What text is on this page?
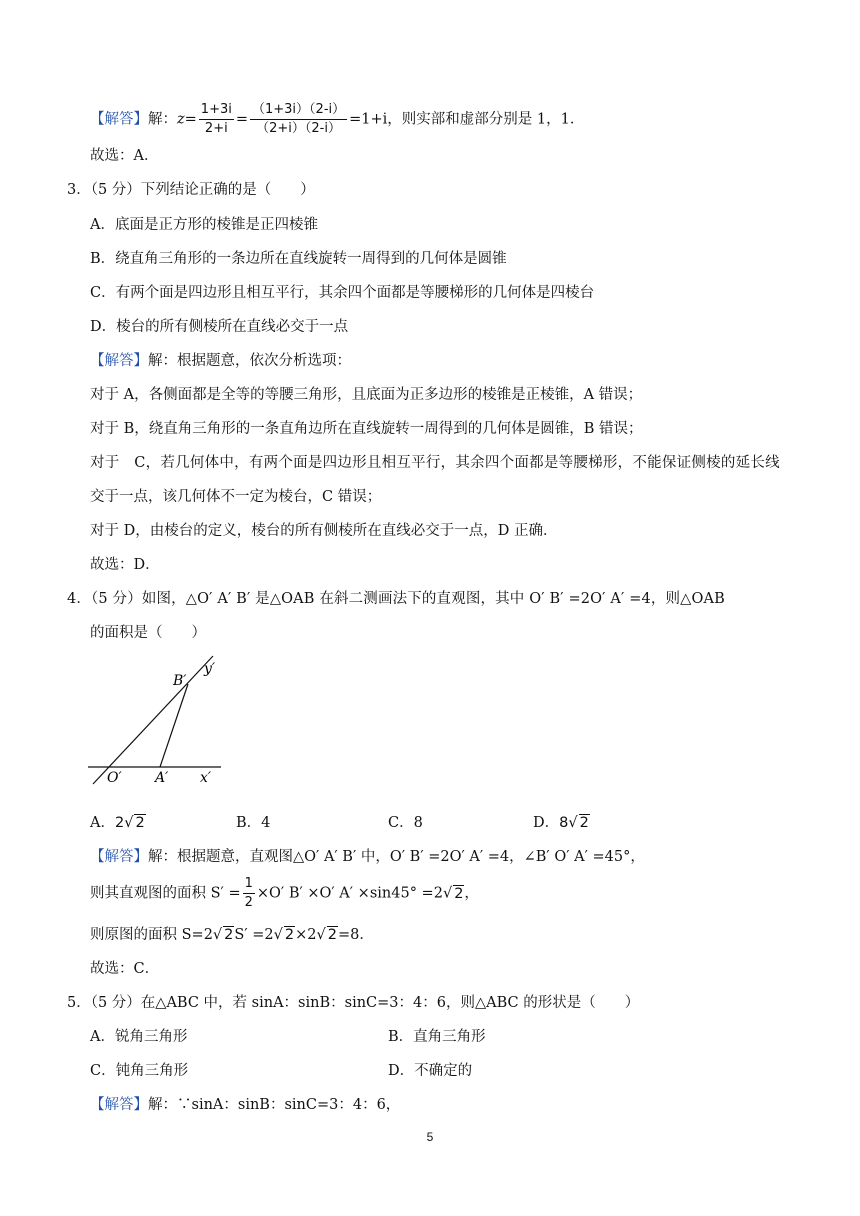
【解答】解：$z= \frac{1+3i}{2+i} = \frac{(1+3i)(2-i)}{(2+i)(2-i)} =1+i$，则实部和虚部分别是 1，1．
故选：A．
3．（5 分）下列结论正确的是（　　）
A．底面是正方形的棱锥是正四棱锥
B．绕直角三角形的一条边所在直线旋转一周得到的几何体是圆锥
C．有两个面是四边形且相互平行，其余四个面都是等腰梯形的几何体是四棱台
D．棱台的所有侧棱所在直线必交于一点
【解答】解：根据题意，依次分析选项：
对于 A，各侧面都是全等的等腰三角形，且底面为正多边形的棱锥是正棱锥，A 错误；
对于 B，绕直角三角形的一条直角边所在直线旋转一周得到的几何体是圆锥，B 错误；
对于　C，若几何体中，有两个面是四边形且相互平行，其余四个面都是等腰梯形，不能保证侧棱的延长线
交于一点，该几何体不一定为棱台，C 错误；
对于 D，由棱台的定义，棱台的所有侧棱所在直线必交于一点，D 正确．
故选：D．
4．（5 分）如图，△O′ A′ B′ 是△OAB 在斜二测画法下的直观图，其中 O′ B′ =2O′ A′ =4，则△OAB
的面积是（　　）
B′
y′
O′ A′ x′
A．2√ 2	B．4	C．8	D．8√ 2
【解答】解：根据题意，直观图△O′ A′ B′ 中，O′ B′ =2O′ A′ =4，∠B′ O′ A′ =45°，
则其直观图的面积 $S' = \frac{1}{2} \times O'$ B′ ×O′ A′ ×sin45° =2√ 2，
则原图的面积 S=2√ 2S′ =2√ 2×2√ 2=8．
故选：C．
5．（5 分）在△ABC 中，若 sinA：sinB：sinC=3：4：6，则△ABC 的形状是（　　）
A．锐角三角形	B．直角三角形
C．钝角三角形	D．不确定的
【解答】解：∵sinA：sinB：sinC=3：4：6，
5
